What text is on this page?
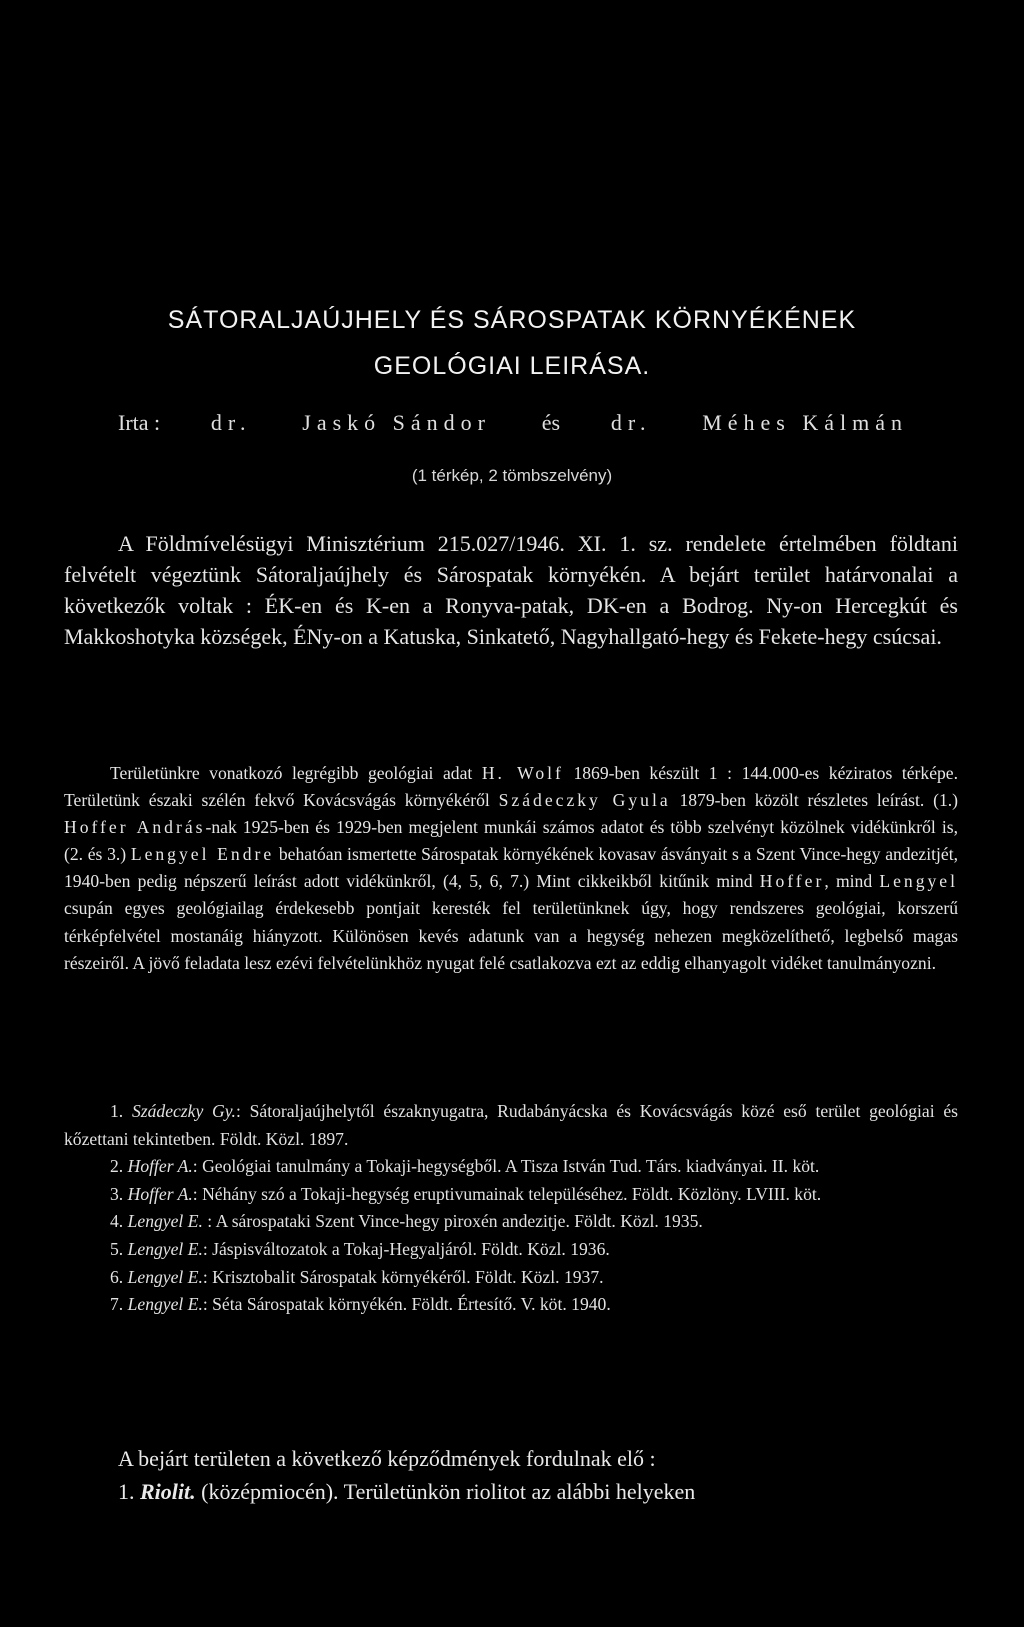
SÁTORALJAÚJHELY ÉS SÁROSPATAK KÖRNYÉKÉNEK
GEOLÓGIAI LEIRÁSA.
Irta : dr. Jaskó Sándor és dr. Méhes Kálmán
(1 térkép, 2 tömbszelvény)
A Földmívelésügyi Minisztérium 215.027/1946. XI. 1. sz. rendelete értelmében földtani felvételt végeztünk Sátoraljaújhely és Sárospatak környékén. A bejárt terület határvonalai a következők voltak : ÉK-en és K-en a Ronyva-patak, DK-en a Bodrog. Ny-on Hercegkút és Makkoshotyka községek, ÉNy-on a Katuska, Sinkatető, Nagyhallgató-hegy és Fekete-hegy csúcsai.
Területünkre vonatkozó legrégibb geológiai adat H. Wolf 1869-ben készült 1 : 144.000-es kéziratos térképe. Területünk északi szélén fekvő Kovácsvágás környékéről Szádeczky Gyula 1879-ben közölt részletes leírást. (1.) Hoffer András-nak 1925-ben és 1929-ben megjelent munkái számos adatot és több szelvényt közölnek vidékünkről is, (2. és 3.) Lengyel Endre behatóan ismertette Sárospatak környékének kovasav ásványait s a Szent Vince-hegy andezitjét, 1940-ben pedig népszerű leírást adott vidékünkről, (4, 5, 6, 7.) Mint cikkeikből kitűnik mind Hoffer, mind Lengyel csupán egyes geológiailag érdekesebb pontjait keresték fel területünknek úgy, hogy rendszeres geológiai, korszerű térképfelvétel mostanáig hiányzott. Különösen kevés adatunk van a hegység nehezen megközelíthető, legbelső magas részeiről. A jövő feladata lesz ezévi felvételünkhöz nyugat felé csatlakozva ezt az eddig elhanyagolt vidéket tanulmányozni.
1. Szádeczky Gy.: Sátoraljaújhelytől északnyugatra, Rudabányácska és Kovácsvágás közé eső terület geológiai és kőzettani tekintetben. Földt. Közl. 1897.
2. Hoffer A.: Geológiai tanulmány a Tokaji-hegységből. A Tisza István Tud. Társ. kiadványai. II. köt.
3. Hoffer A.: Néhány szó a Tokaji-hegység eruptivumainak településéhez. Földt. Közlöny. LVIII. köt.
4. Lengyel E. : A sárospataki Szent Vince-hegy piroxén andezitje. Földt. Közl. 1935.
5. Lengyel E.: Jáspisváltozatok a Tokaj-Hegyaljáról. Földt. Közl. 1936.
6. Lengyel E.: Krisztobalit Sárospatak környékéről. Földt. Közl. 1937.
7. Lengyel E.: Séta Sárospatak környékén. Földt. Értesítő. V. köt. 1940.
A bejárt területen a következő képződmények fordulnak elő :
1. Riolit. (középmiocén). Területünkön riolitot az alábbi helyeken
